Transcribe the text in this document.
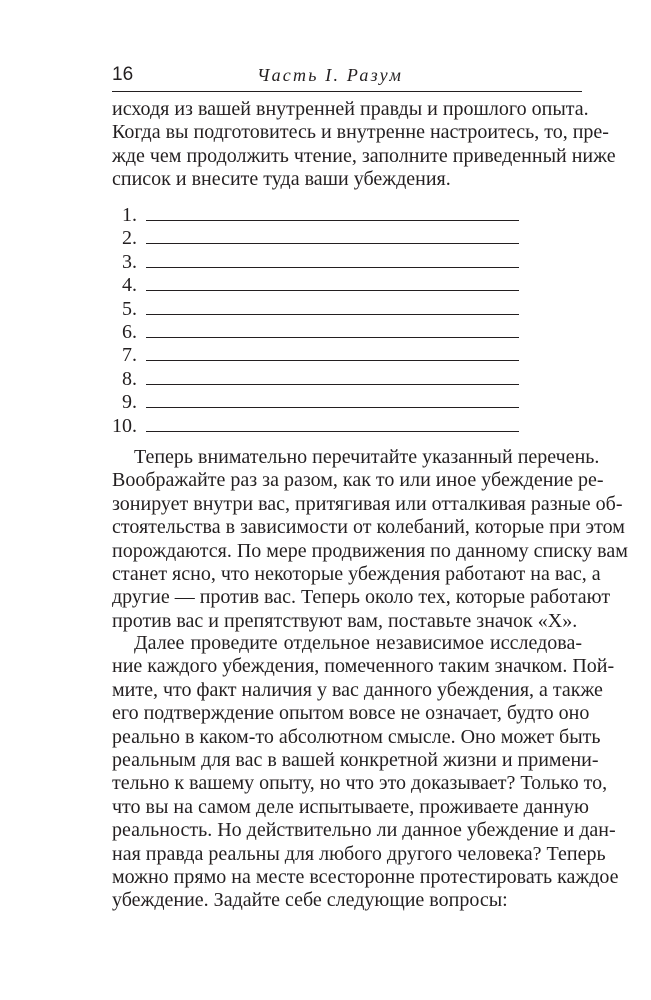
16	Часть I. Разум

исходя из вашей внутренней правды и прошлого опыта.
Когда вы подготовитесь и внутренне настроитесь, то, пре-
жде чем продолжить чтение, заполните приведенный ниже
список и внесите туда ваши убеждения.

1.
2.
3.
4.
5.
6.
7.
8.
9.
10.

Теперь внимательно перечитайте указанный перечень.
Воображайте раз за разом, как то или иное убеждение ре-
зонирует внутри вас, притягивая или отталкивая разные об-
стоятельства в зависимости от колебаний, которые при этом
порождаются. По мере продвижения по данному списку вам
станет ясно, что некоторые убеждения работают на вас, а
другие — против вас. Теперь около тех, которые работают
против вас и препятствуют вам, поставьте значок «X».

Далее проведите отдельное независимое исследова-
ние каждого убеждения, помеченного таким значком. Пой-
мите, что факт наличия у вас данного убеждения, а также
его подтверждение опытом вовсе не означает, будто оно
реально в каком-то абсолютном смысле. Оно может быть
реальным для вас в вашей конкретной жизни и примени-
тельно к вашему опыту, но что это доказывает? Только то,
что вы на самом деле испытываете, проживаете данную
реальность. Но действительно ли данное убеждение и дан-
ная правда реальны для любого другого человека? Теперь
можно прямо на месте всесторонне протестировать каждое
убеждение. Задайте себе следующие вопросы:
